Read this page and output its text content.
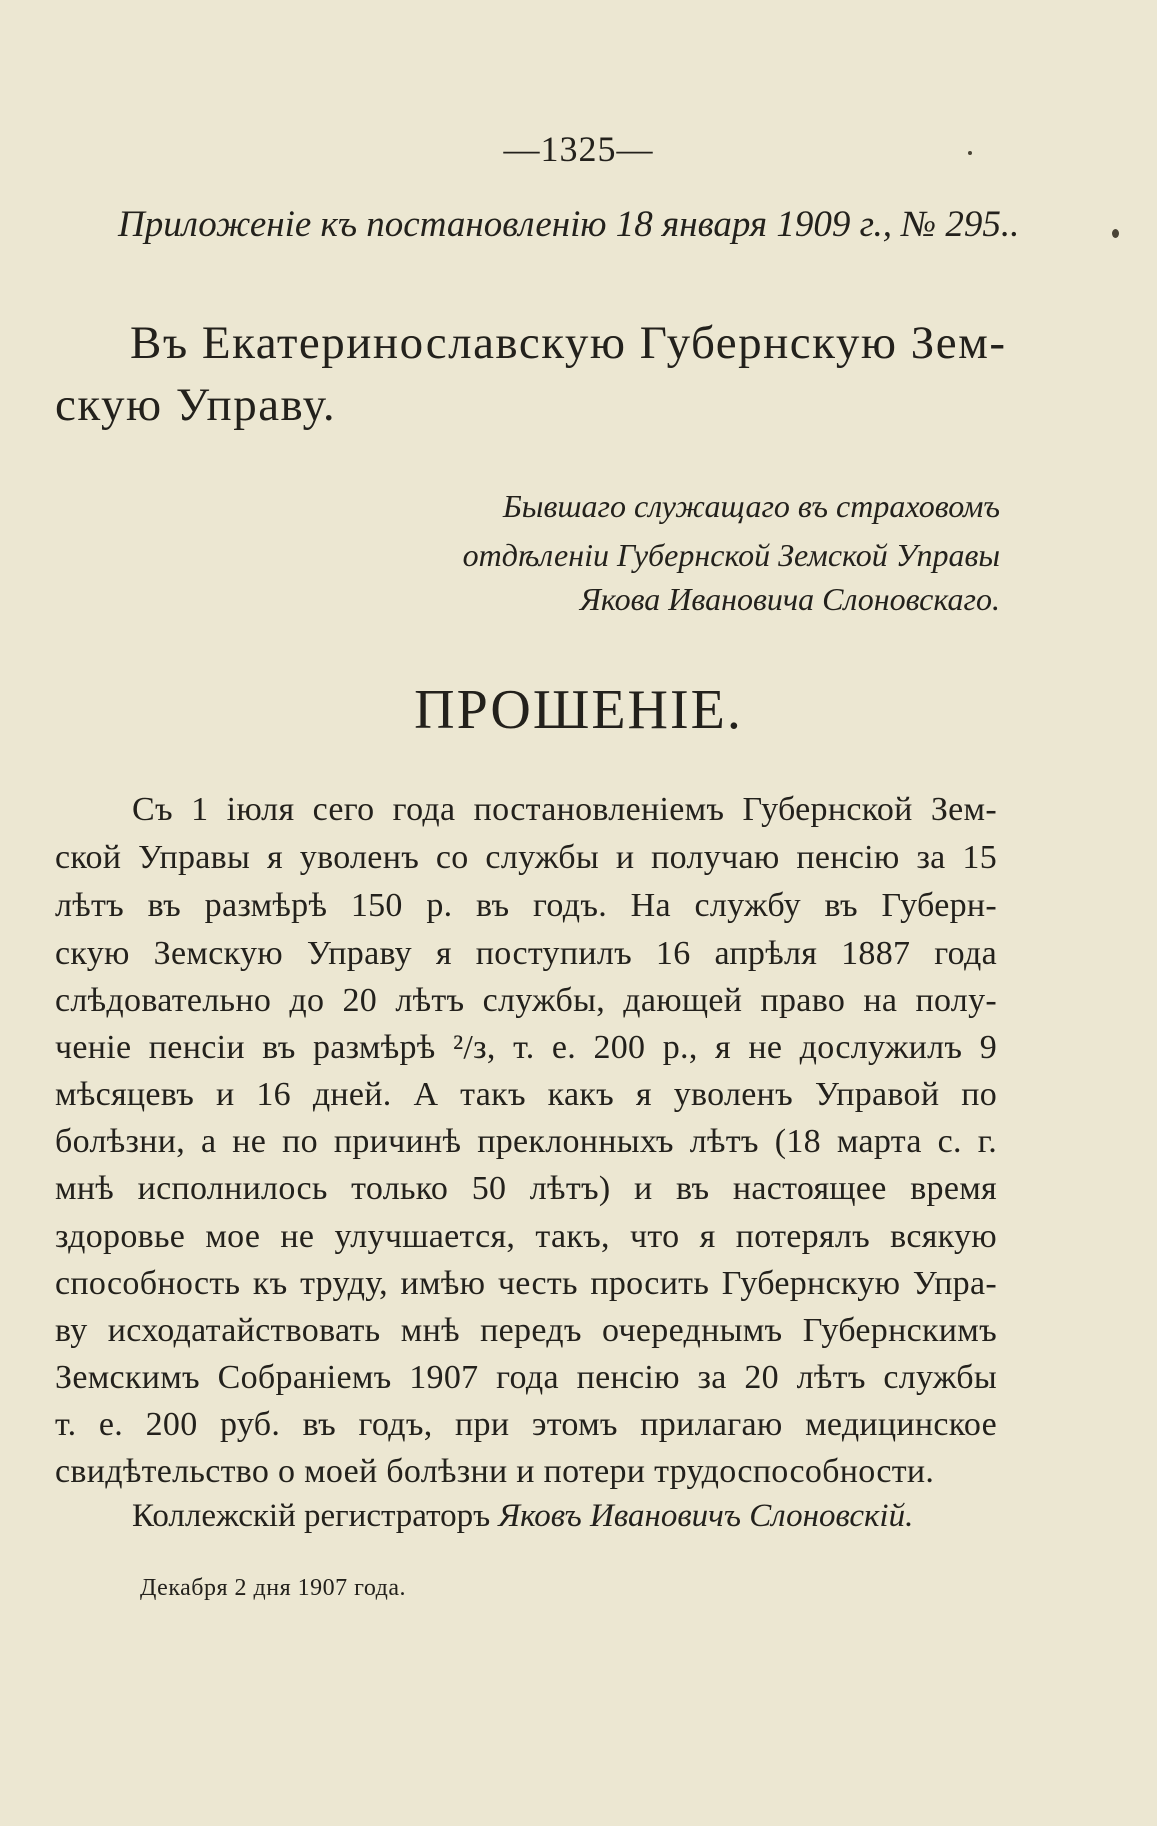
—1325—
Приложенiе къ постановленiю 18 января 1909 г., № 295..
Въ Екатеринославскую Губернскую Зем-
скую Управу.
Бывшаго служащаго въ страховомъ
отдѣленiи Губернской Земской Управы
Якова Ивановича Слоновскаго.
ПРОШЕНIЕ.
Съ 1 iюля сего года постановленiемъ Губернской Зем-
ской Управы я уволенъ со службы и получаю пенсiю за 15
лѣтъ въ размѣрѣ 150 р. въ годъ. На службу въ Губерн-
скую Земскую Управу я поступилъ 16 апрѣля 1887 года
слѣдовательно до 20 лѣтъ службы, дающей право на полу-
ченiе пенсiи въ размѣрѣ ²/з, т. е. 200 р., я не дослужилъ 9
мѣсяцевъ и 16 дней. А такъ какъ я уволенъ Управой по
болѣзни, а не по причинѣ преклонныхъ лѣтъ (18 марта с. г.
мнѣ исполнилось только 50 лѣтъ) и въ настоящее время
здоровье мое не улучшается, такъ, что я потерялъ всякую
способность къ труду, имѣю честь просить Губернскую Упра-
ву исходатайствовать мнѣ передъ очереднымъ Губернскимъ
Земскимъ Собранiемъ 1907 года пенсiю за 20 лѣтъ службы
т. е. 200 руб. въ годъ, при этомъ прилагаю медицинское
свидѣтельство о моей болѣзни и потери трудоспособности.
Коллежскiй регистраторъ Яковъ Ивановичъ Слоновскiй.
Декабря 2 дня 1907 года.
